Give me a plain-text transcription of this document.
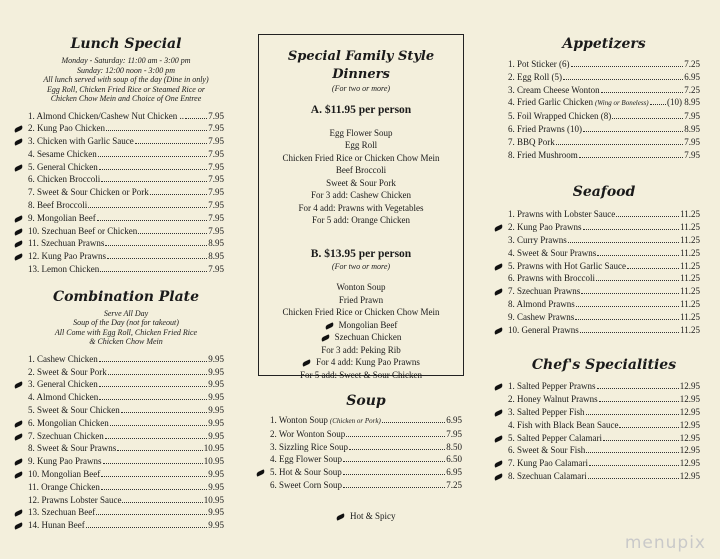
Lunch Special

Monday - Saturday: 11:00 am - 3:00 pm

Sunday: 12:00 noon - 3:00 pm

All lunch served with soup of the day (Dine in only)

Egg Roll, Chicken Fried Rice or Steamed Rice or

Chicken Chow Mein and Choice of One Entree

1. Almond Chicken/Cashew Nut Chicken ..	7.95
2. Kung Pao Chicken	7.95
3. Chicken with Garlic Sauce	7.95
4. Sesame Chicken	7.95
5. General Chicken	7.95
6. Chicken Broccoli	7.95
7. Sweet & Sour Chicken or Pork	7.95
8. Beef Broccoli	7.95
9. Mongolian Beef	7.95
10. Szechuan Beef or Chicken	7.95
11. Szechuan Prawns	8.95
12. Kung Pao Prawns	8.95
13. Lemon Chicken	7.95
Combination Plate

Serve All Day

Soup of the Day (not for takeout)

All Come with Egg Roll, Chicken Fried Rice

& Chicken Chow Mein

1. Cashew Chicken	9.95
2. Sweet & Sour Pork	9.95
3. General Chicken	9.95
4. Almond Chicken	9.95
5. Sweet & Sour Chicken	9.95
6. Mongolian Chicken	9.95
7. Szechuan Chicken	9.95
8. Sweet & Sour Prawns	10.95
9. Kung Pao Prawns	10.95
10. Mongolian Beef	9.95
11. Orange Chicken	9.95
12. Prawns Lobster Sauce	10.95
13. Szechuan Beef	9.95
14. Hunan Beef	9.95
Special Family Style Dinners

(For two or more)

A. $11.95 per person

Egg Flower Soup

Egg Roll

Chicken Fried Rice or Chicken Chow Mein

Beef Broccoli

Sweet & Sour Pork

For 3 add: Cashew Chicken

For 4 add: Prawns with Vegetables

For 5 add: Orange Chicken

B. $13.95 per person

(For two or more)

Wonton Soup

Fried Prawn

Chicken Fried Rice or Chicken Chow Mein

Mongolian Beef

Szechuan Chicken

For 3 add: Peking Rib

For 4 add: Kung Pao Prawns

For 5 add: Sweet & Sour Chicken

Soup
1. Wonton Soup (Chicken or Pork)	6.95
2. Wor Wonton Soup	7.95
3. Sizzling Rice Soup	8.50
4. Egg Flower Soup	6.50
5. Hot & Sour Soup	6.95
6. Sweet Corn Soup	7.25

Hot & Spicy

Appetizers
1. Pot Sticker (6)	7.25
2. Egg Roll (5)	6.95
3. Cream Cheese Wonton	7.25
4. Fried Garlic Chicken (Wing or Boneless) (10) 8.95
5. Foil Wrapped Chicken (8)	7.95
6. Fried Prawns (10)	8.95
7. BBQ Pork	7.95
8. Fried Mushroom	7.95
Seafood
1. Prawns with Lobster Sauce	11.25
2. Kung Pao Prawns	11.25
3. Curry Prawns	11.25
4. Sweet & Sour Prawns	11.25
5. Prawns with Hot Garlic Sauce	11.25
6. Prawns with Broccoli	11.25
7. Szechuan Prawns	11.25
8. Almond Prawns	11.25
9. Cashew Prawns	11.25
10. General Prawns	11.25
Chef's Specialities
1. Salted Pepper Prawns	12.95
2. Honey Walnut Prawns	12.95
3. Salted Pepper Fish	12.95
4. Fish with Black Bean Sauce	12.95
5. Salted Pepper Calamari	12.95
6. Sweet & Sour Fish	12.95
7. Kung Pao Calamari	12.95
8. Szechuan Calamari	12.95
menupix
